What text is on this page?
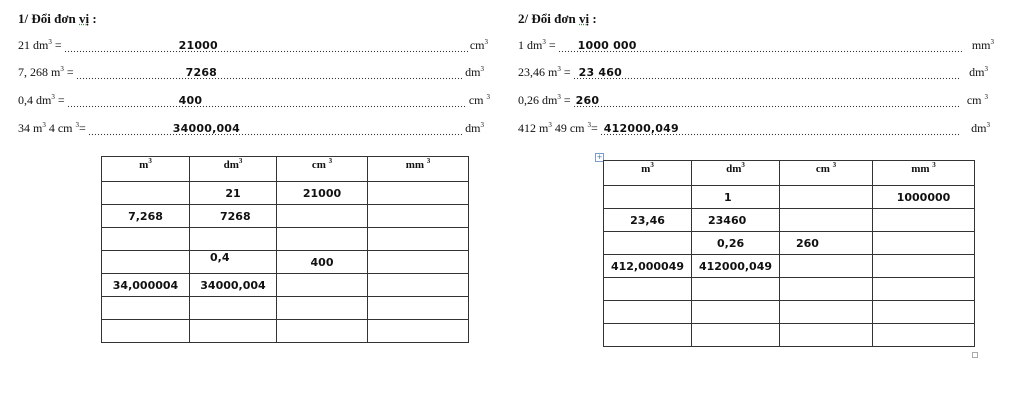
1/ Đổi đơn vị :
21 $dm^3$ =	21000	$cm^3$
7, 268 $m^3$ =	7268	$dm^3$
0,4 $dm^3$ =	400	cm $^3$
34 $m^3$ 4 cm $^3$=	34000,004	$dm^3$
$m^3$	$dm^3$	cm $^3$	mm $^3$
	21	21000	
7,268	7268		

	0,4	400	
34,000004	34000,004		

2/ Đổi đơn vị :
1 $dm^3 = 1000$ 000	$mm^3$
23,46 $m^3 = 23$ 460	$dm^3$
0,26 $dm^3 = 260$	cm $^3$
412 $m^3$ 49 cm $^3$= 412000,049	$dm^3$
+
$m^3$	$dm^3$	cm $^3$	mm $^3$
	1		1000000
23,46	23460		
	0,26	260	
412,000049	412000,049		
